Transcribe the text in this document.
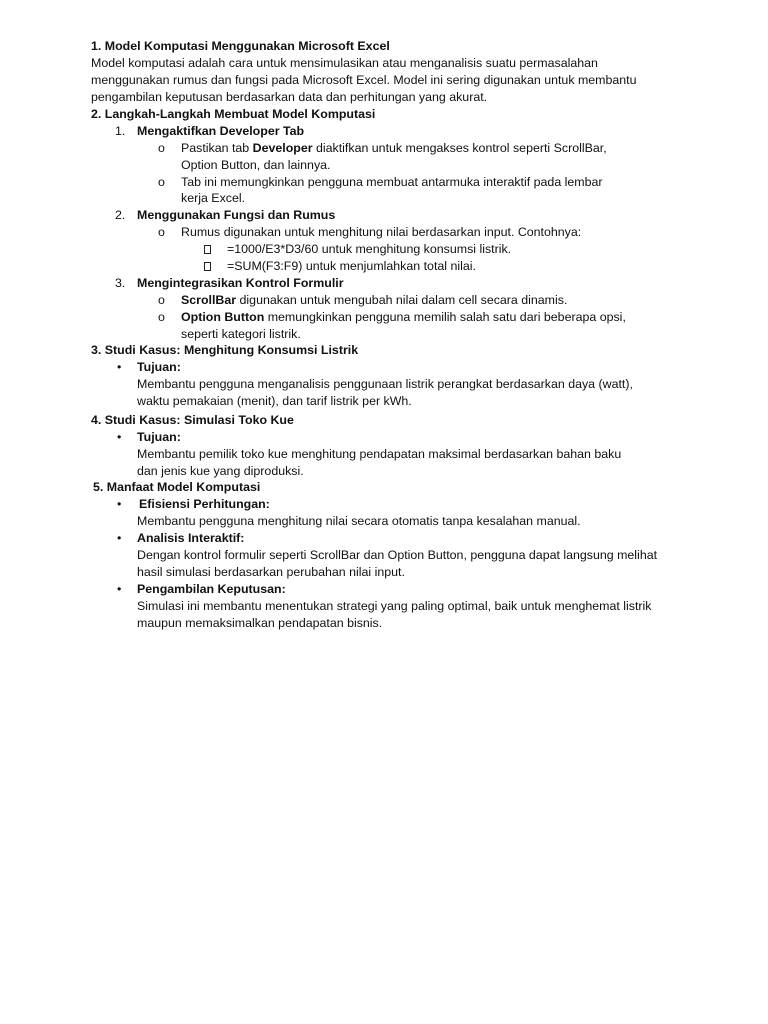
1. Model Komputasi Menggunakan Microsoft Excel
Model komputasi adalah cara untuk mensimulasikan atau menganalisis suatu permasalahan
menggunakan rumus dan fungsi pada Microsoft Excel. Model ini sering digunakan untuk membantu
pengambilan keputusan berdasarkan data dan perhitungan yang akurat.
2. Langkah-Langkah Membuat Model Komputasi
1. Mengaktifkan Developer Tab
o Pastikan tab Developer diaktifkan untuk mengakses kontrol seperti ScrollBar,
Option Button, dan lainnya.
o Tab ini memungkinkan pengguna membuat antarmuka interaktif pada lembar
kerja Excel.
2. Menggunakan Fungsi dan Rumus
o Rumus digunakan untuk menghitung nilai berdasarkan input. Contohnya:
=1000/E3*D3/60 untuk menghitung konsumsi listrik.
=SUM(F3:F9) untuk menjumlahkan total nilai.
3. Mengintegrasikan Kontrol Formulir
o ScrollBar digunakan untuk mengubah nilai dalam cell secara dinamis.
o Option Button memungkinkan pengguna memilih salah satu dari beberapa opsi,
seperti kategori listrik.
3. Studi Kasus: Menghitung Konsumsi Listrik
• Tujuan:
Membantu pengguna menganalisis penggunaan listrik perangkat berdasarkan daya (watt),
waktu pemakaian (menit), dan tarif listrik per kWh.
4. Studi Kasus: Simulasi Toko Kue
• Tujuan:
Membantu pemilik toko kue menghitung pendapatan maksimal berdasarkan bahan baku
dan jenis kue yang diproduksi.
5. Manfaat Model Komputasi
• Efisiensi Perhitungan:
Membantu pengguna menghitung nilai secara otomatis tanpa kesalahan manual.
• Analisis Interaktif:
Dengan kontrol formulir seperti ScrollBar dan Option Button, pengguna dapat langsung melihat
hasil simulasi berdasarkan perubahan nilai input.
• Pengambilan Keputusan:
Simulasi ini membantu menentukan strategi yang paling optimal, baik untuk menghemat listrik
maupun memaksimalkan pendapatan bisnis.
